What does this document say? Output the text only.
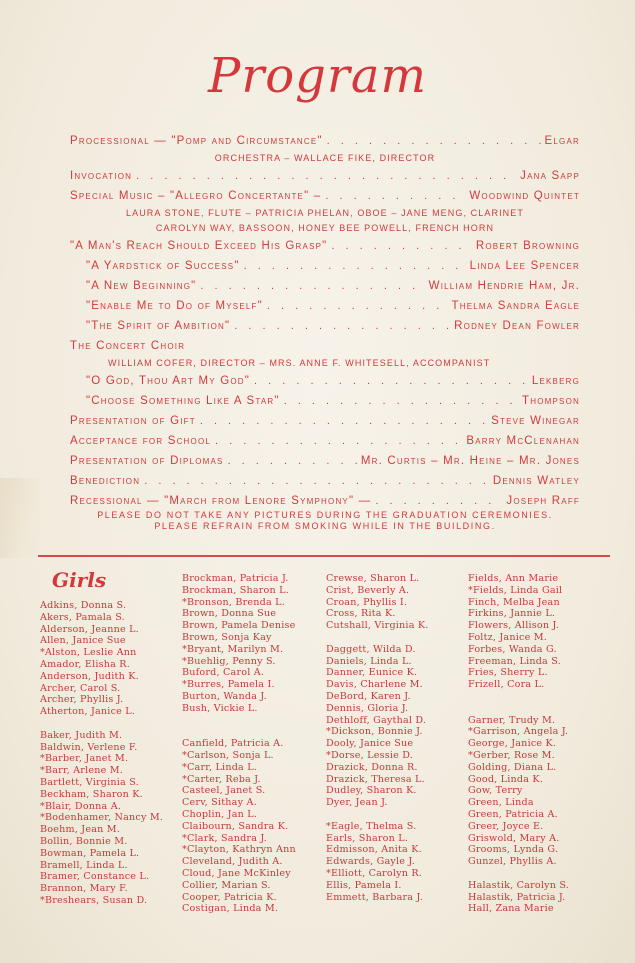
Program
Processional — "Pomp and Circumstance" . . .	Elgar
ORCHESTRA – WALLACE FIKE, DIRECTOR
Invocation . . .	Jana Sapp
Special Music – "Allegro Concertante" – . . .	Woodwind Quintet
LAURA STONE, FLUTE – PATRICIA PHELAN, OBOE – JANE MENG, CLARINET
CAROLYN WAY, BASSOON, HONEY BEE POWELL, FRENCH HORN
"A Man's Reach Should Exceed His Grasp" . . .	Robert Browning
"A Yardstick of Success" . . .	Linda Lee Spencer
"A New Beginning" . . .	William Hendrie Ham, Jr.
"Enable Me to Do of Myself" . . .	Thelma Sandra Eagle
"The Spirit of Ambition" . . .	Rodney Dean Fowler
The Concert Choir
WILLIAM COFER, DIRECTOR – MRS. ANNE F. WHITESELL, ACCOMPANIST
"O God, Thou Art My God" . . .	Lekberg
"Choose Something Like A Star" . . .	Thompson
Presentation of Gift . . .	Steve Winegar
Acceptance for School . . .	Barry McClenahan
Presentation of Diplomas . . .	Mr. Curtis – Mr. Heine – Mr. Jones
Benediction . . .	Dennis Watley
Recessional — "March from Lenore Symphony" — . . .	Joseph Raff
PLEASE DO NOT TAKE ANY PICTURES DURING THE GRADUATION CEREMONIES.
PLEASE REFRAIN FROM SMOKING WHILE IN THE BUILDING.
Girls
Adkins, Donna S.
Akers, Pamala S.
Alderson, Jeanne L.
Allen, Janice Sue
*Alston, Leslie Ann
Amador, Elisha R.
Anderson, Judith K.
Archer, Carol S.
Archer, Phyllis J.
Atherton, Janice L.
Baker, Judith M.
Baldwin, Verlene F.
*Barber, Janet M.
*Barr, Arlene M.
Bartlett, Virginia S.
Beckham, Sharon K.
*Blair, Donna A.
*Bodenhamer, Nancy M.
Boehm, Jean M.
Bollin, Bonnie M.
Bowman, Pamela L.
Bramell, Linda L.
Bramer, Constance L.
Brannon, Mary F.
*Breshears, Susan D.
Brockman, Patricia J.
Brockman, Sharon L.
*Bronson, Brenda L.
Brown, Donna Sue
Brown, Pamela Denise
Brown, Sonja Kay
*Bryant, Marilyn M.
*Buehlig, Penny S.
Buford, Carol A.
*Burres, Pamela I.
Burton, Wanda J.
Bush, Vickie L.
Canfield, Patricia A.
*Carlson, Sonja L.
*Carr, Linda L.
*Carter, Reba J.
Casteel, Janet S.
Cerv, Sithay A.
Choplin, Jan L.
Claibourn, Sandra K.
*Clark, Sandra J.
*Clayton, Kathryn Ann
Cleveland, Judith A.
Cloud, Jane McKinley
Collier, Marian S.
Cooper, Patricia K.
Costigan, Linda M.
Crewse, Sharon L.
Crist, Beverly A.
Croan, Phyllis I.
Cross, Rita K.
Cutshall, Virginia K.
Daggett, Wilda D.
Daniels, Linda L.
Danner, Eunice K.
Davis, Charlene M.
DeBord, Karen J.
Dennis, Gloria J.
Dethloff, Gaythal D.
*Dickson, Bonnie J.
Dooly, Janice Sue
*Dorse, Lessie D.
Drazick, Donna R.
Drazick, Theresa L.
Dudley, Sharon K.
Dyer, Jean J.
*Eagle, Thelma S.
Earls, Sharon L.
Edmisson, Anita K.
Edwards, Gayle J.
*Elliott, Carolyn R.
Ellis, Pamela I.
Emmett, Barbara J.
Fields, Ann Marie
*Fields, Linda Gail
Finch, Melba Jean
Firkins, Jannie L.
Flowers, Allison J.
Foltz, Janice M.
Forbes, Wanda G.
Freeman, Linda S.
Fries, Sherry L.
Frizell, Cora L.
Garner, Trudy M.
*Garrison, Angela J.
George, Janice K.
*Gerber, Rose M.
Golding, Diana L.
Good, Linda K.
Gow, Terry
Green, Linda
Green, Patricia A.
Greer, Joyce E.
Griswold, Mary A.
Grooms, Lynda G.
Gunzel, Phyllis A.
Halastik, Carolyn S.
Halastik, Patricia J.
Hall, Zana Marie
